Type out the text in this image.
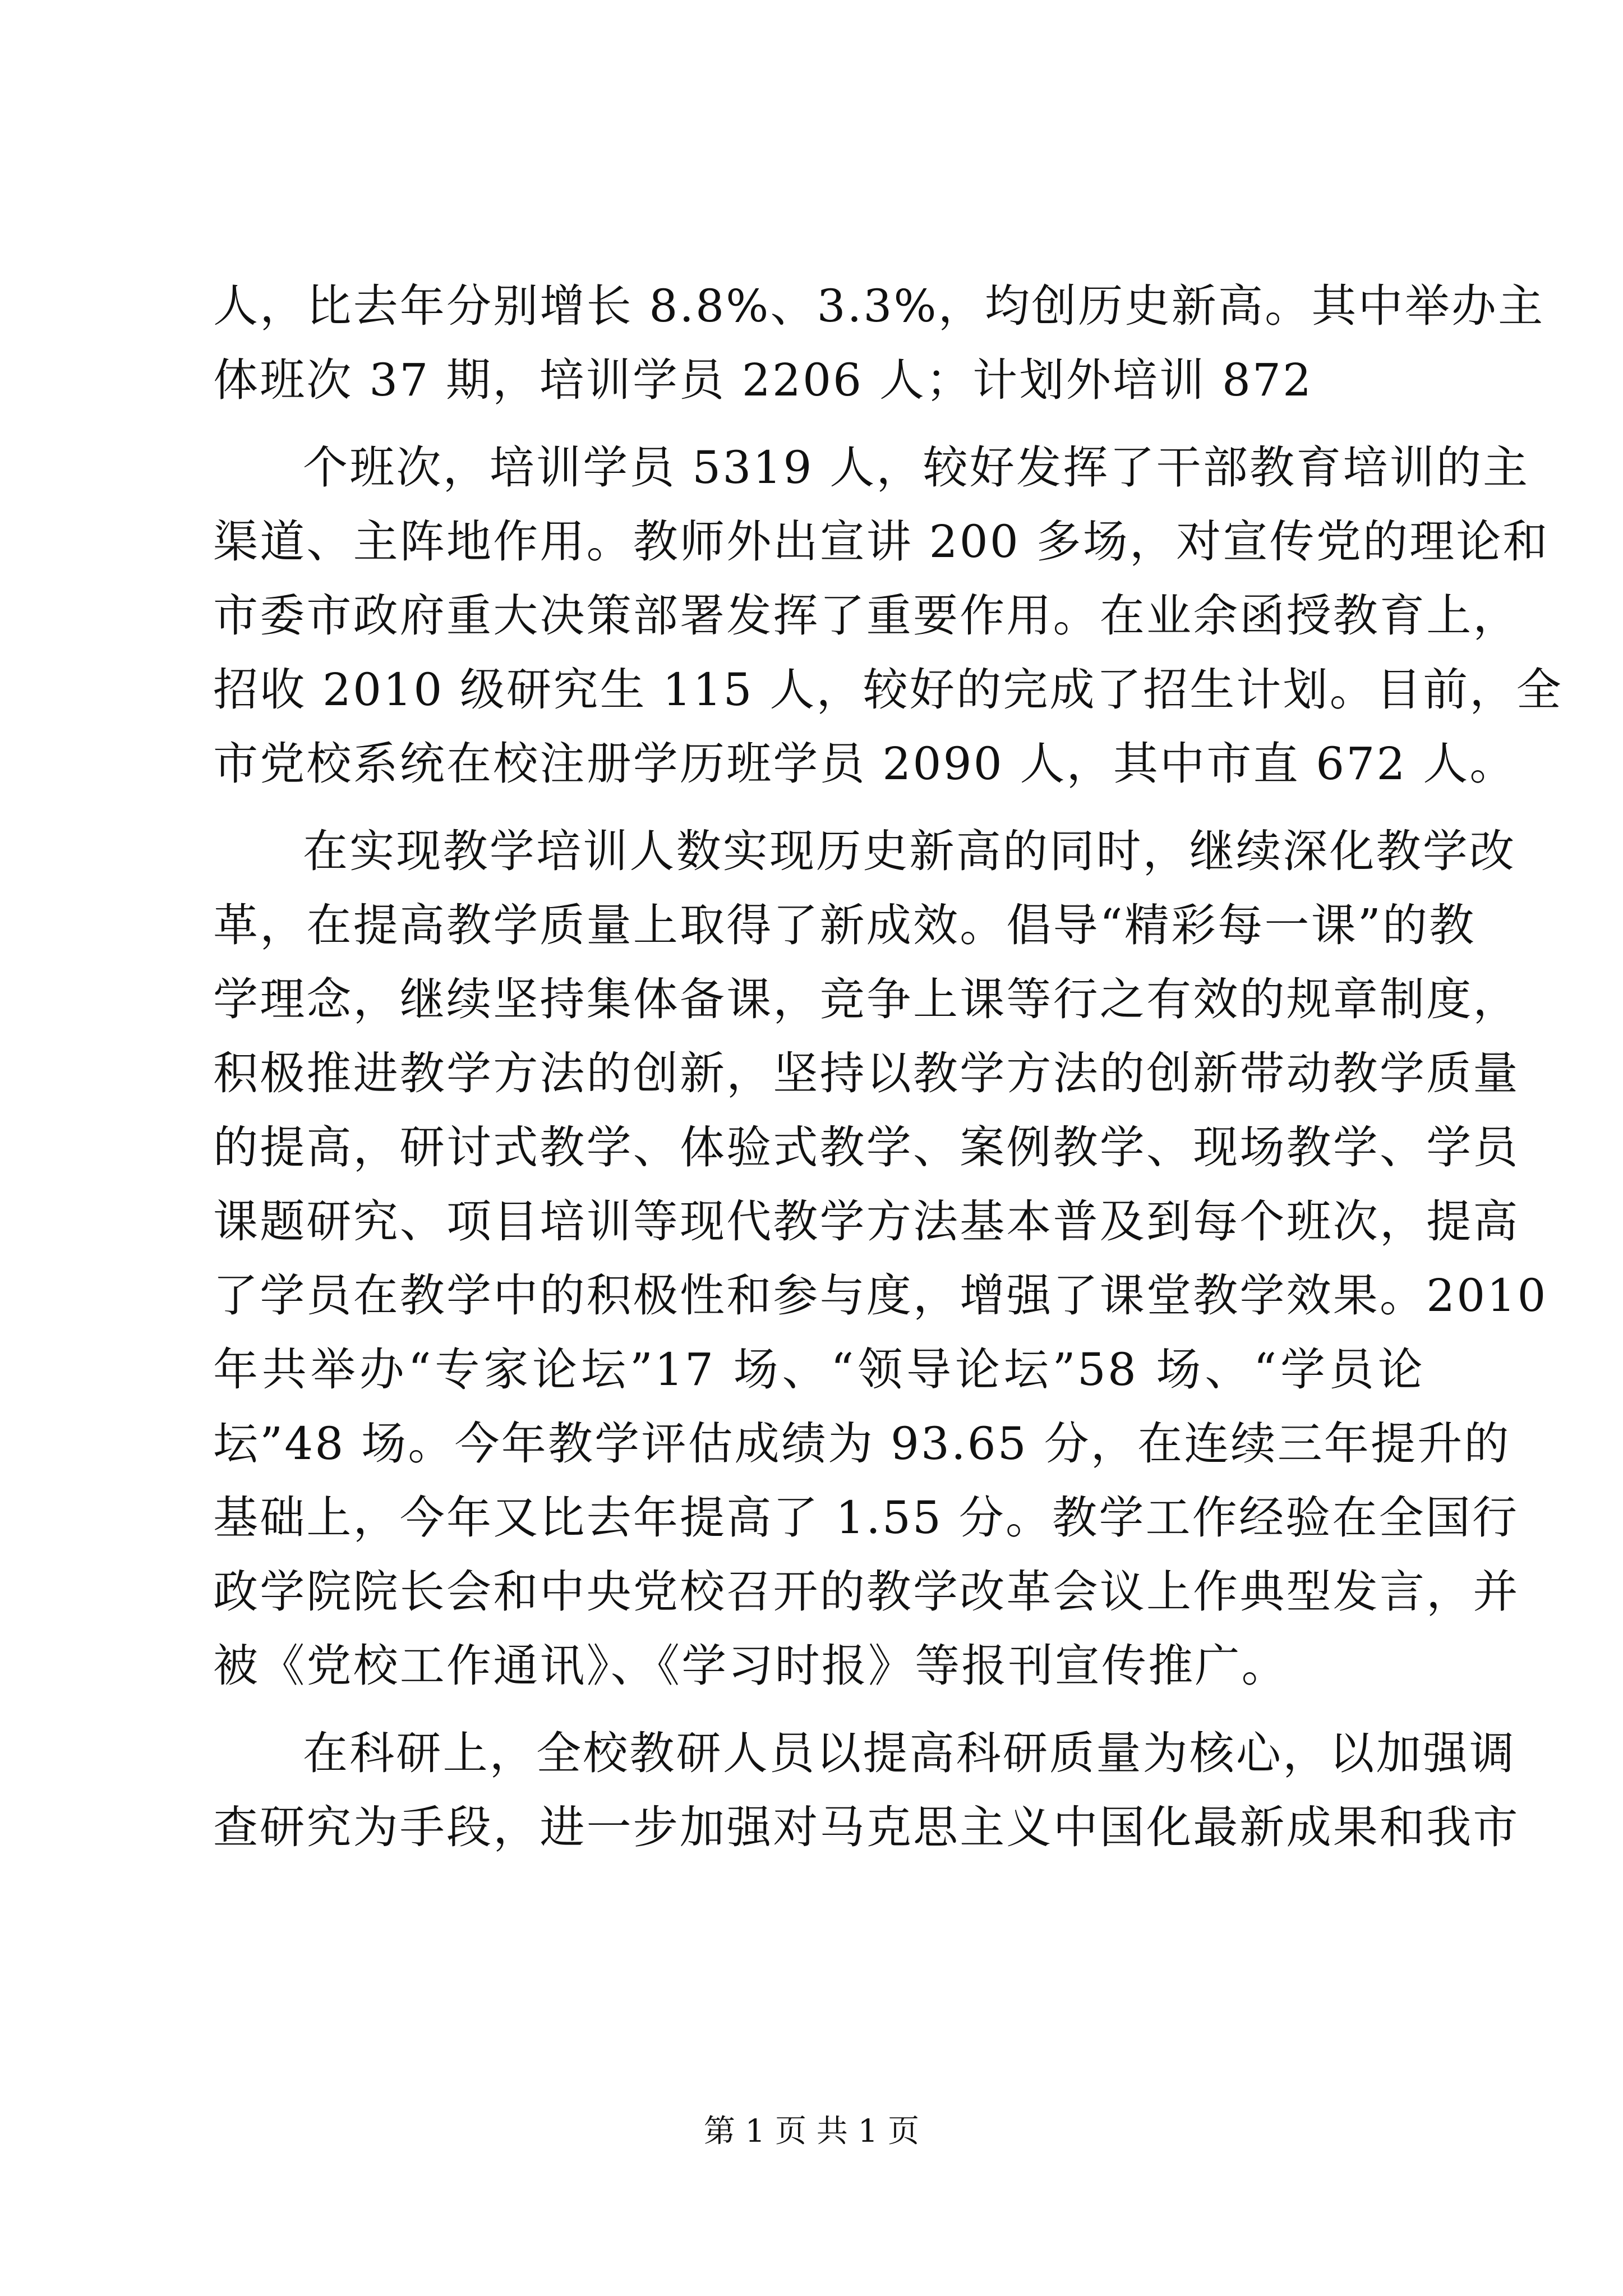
人，比去年分别增长 8.8%、3.3%，均创历史新高。其中举办主
体班次 37 期，培训学员 2206 人；计划外培训 872
个班次，培训学员 5319 人，较好发挥了干部教育培训的主
渠道、主阵地作用。教师外出宣讲 200 多场，对宣传党的理论和
市委市政府重大决策部署发挥了重要作用。在业余函授教育上，
招收 2010 级研究生 115 人，较好的完成了招生计划。目前，全
市党校系统在校注册学历班学员 2090 人，其中市直 672 人。
在实现教学培训人数实现历史新高的同时，继续深化教学改
革，在提高教学质量上取得了新成效。倡导“精彩每一课”的教
学理念，继续坚持集体备课，竞争上课等行之有效的规章制度，
积极推进教学方法的创新，坚持以教学方法的创新带动教学质量
的提高，研讨式教学、体验式教学、案例教学、现场教学、学员
课题研究、项目培训等现代教学方法基本普及到每个班次，提高
了学员在教学中的积极性和参与度，增强了课堂教学效果。2010
年共举办“专家论坛”17 场、“领导论坛”58 场、“学员论
坛”48 场。今年教学评估成绩为 93.65 分，在连续三年提升的
基础上，今年又比去年提高了 1.55 分。教学工作经验在全国行
政学院院长会和中央党校召开的教学改革会议上作典型发言，并
被《党校工作通讯》、《学习时报》等报刊宣传推广。
在科研上，全校教研人员以提高科研质量为核心，以加强调
查研究为手段，进一步加强对马克思主义中国化最新成果和我市
第 1 页 共 1 页
